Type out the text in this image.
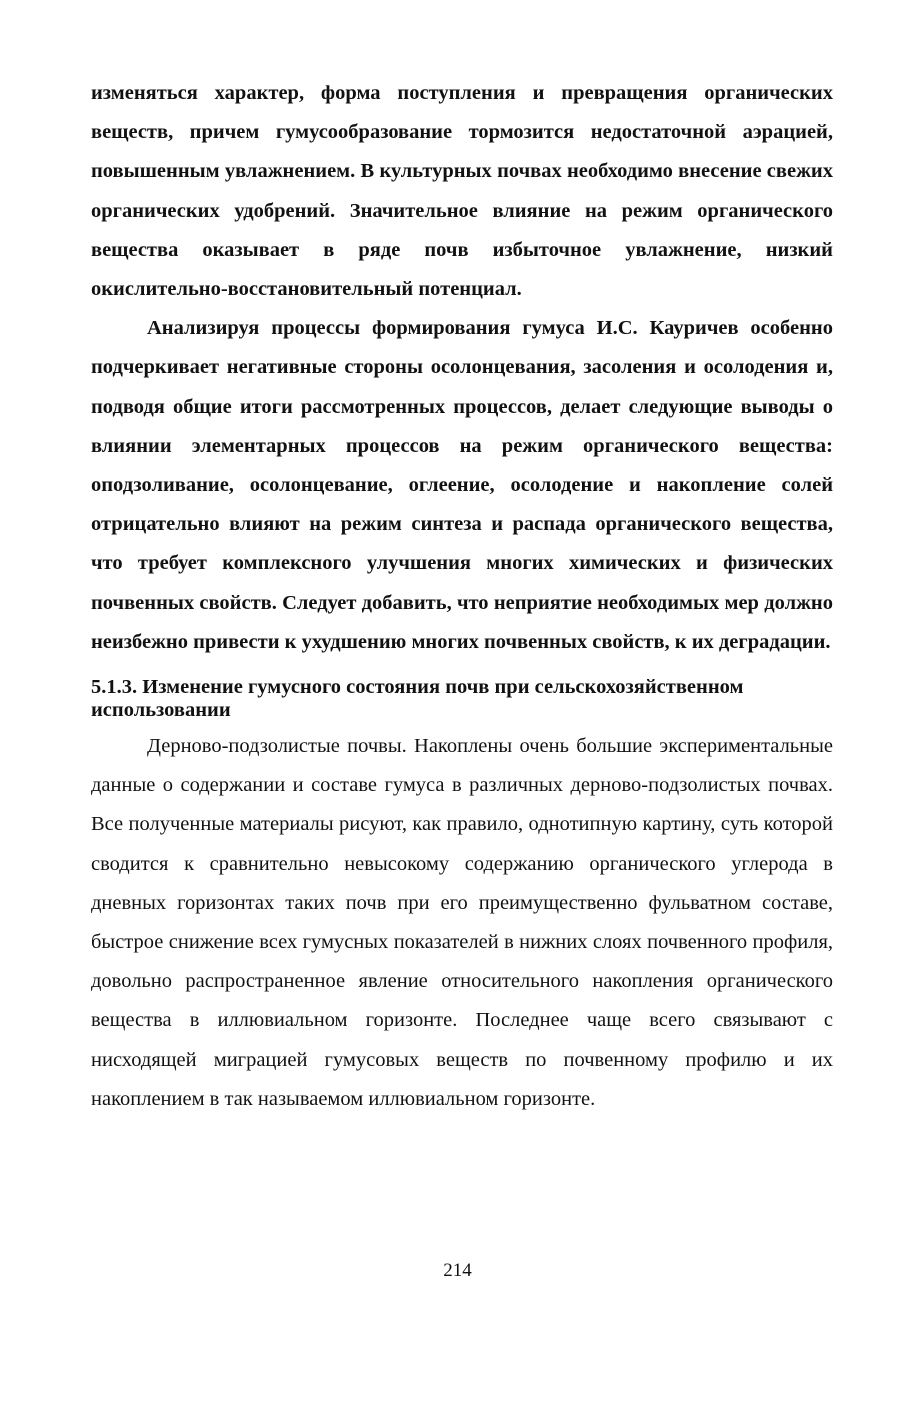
изменяться характер, форма поступления и превращения органических веществ, причем гумусообразование тормозится недостаточной аэрацией, повышенным увлажнением. В культурных почвах необходимо внесение свежих органических удобрений. Значительное влияние на режим органического вещества оказывает в ряде почв избыточное увлажнение, низкий окислительно-восстановительный потенциал.

Анализируя процессы формирования гумуса И.С. Кауричев особенно подчеркивает негативные стороны осолонцевания, засоления и осолодения и, подводя общие итоги рассмотренных процессов, делает следующие выводы о влиянии элементарных процессов на режим органического вещества: оподзоливание, осолонцевание, оглеение, осолодение и накопление солей отрицательно влияют на режим синтеза и распада органического вещества, что требует комплексного улучшения многих химических и физических почвенных свойств. Следует добавить, что неприятие необходимых мер должно неизбежно привести к ухудшению многих почвенных свойств, к их деградации.

5.1.3. Изменение гумусного состояния почв при сельскохозяйственном использовании

Дерново-подзолистые почвы. Накоплены очень большие экспериментальные данные о содержании и составе гумуса в различных дерново-подзолистых почвах. Все полученные материалы рисуют, как правило, однотипную картину, суть которой сводится к сравнительно невысокому содержанию органического углерода в дневных горизонтах таких почв при его преимущественно фульватном составе, быстрое снижение всех гумусных показателей в нижних слоях почвенного профиля, довольно распространенное явление относительного накопления органического вещества в иллювиальном горизонте. Последнее чаще всего связывают с нисходящей миграцией гумусовых веществ по почвенному профилю и их накоплением в так называемом иллювиальном горизонте.

214
